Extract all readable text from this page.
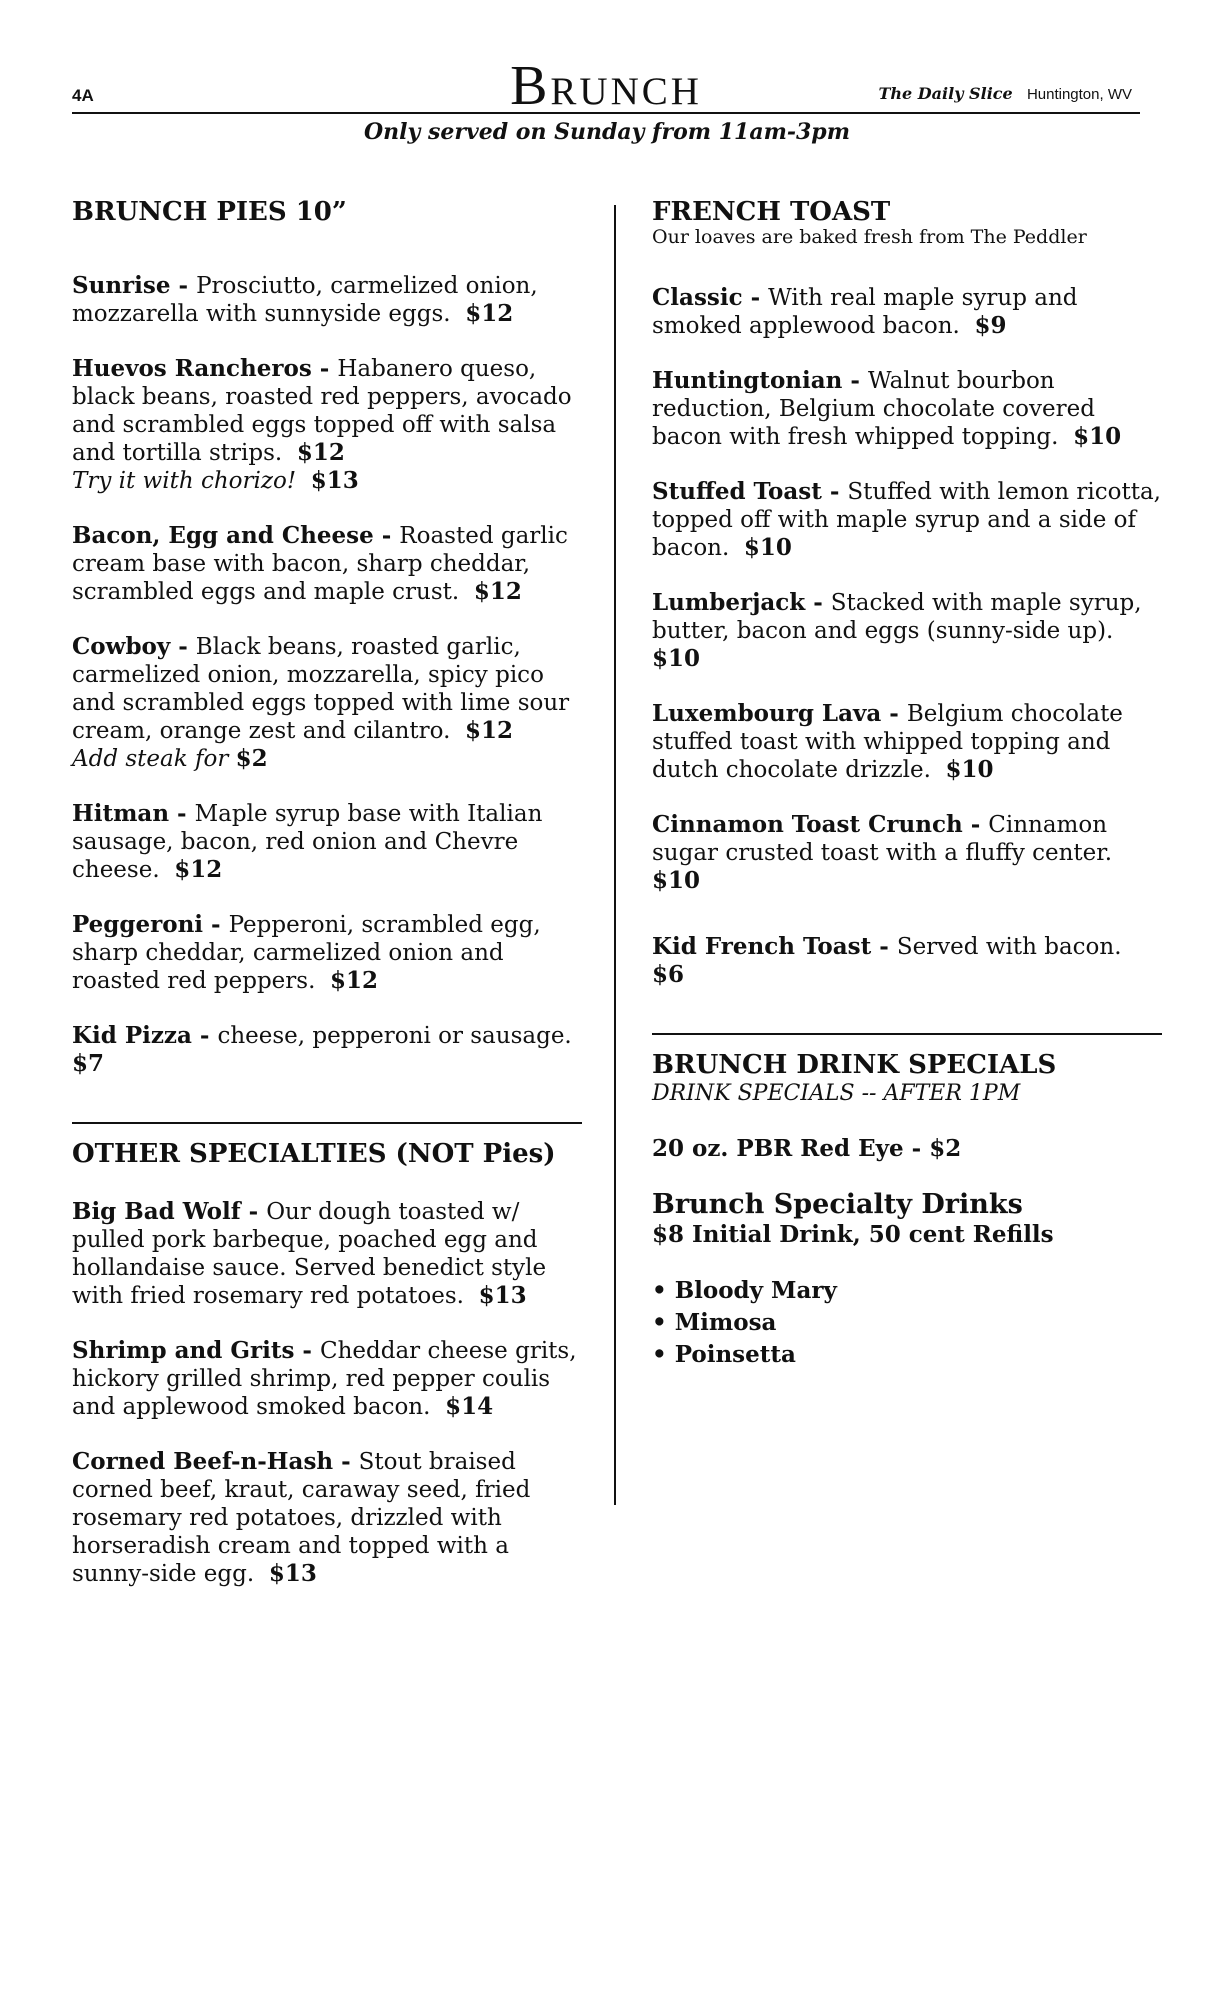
4A	Brunch	The Daily Slice Huntington, WV
Only served on Sunday from 11am-3pm
BRUNCH PIES 10”
Sunrise - Prosciutto, carmelized onion, mozzarella with sunnyside eggs. $12
Huevos Rancheros - Habanero queso, black beans, roasted red peppers, avocado and scrambled eggs topped off with salsa and tortilla strips. $12
Try it with chorizo! $13
Bacon, Egg and Cheese - Roasted garlic cream base with bacon, sharp cheddar, scrambled eggs and maple crust. $12
Cowboy - Black beans, roasted garlic, carmelized onion, mozzarella, spicy pico and scrambled eggs topped with lime sour cream, orange zest and cilantro. $12
Add steak for $2
Hitman - Maple syrup base with Italian sausage, bacon, red onion and Chevre cheese. $12
Peggeroni - Pepperoni, scrambled egg, sharp cheddar, carmelized onion and roasted red peppers. $12
Kid Pizza - cheese, pepperoni or sausage.
$7
OTHER SPECIALTIES (NOT Pies)
Big Bad Wolf - Our dough toasted w/ pulled pork barbeque, poached egg and hollandaise sauce. Served benedict style with fried rosemary red potatoes. $13
Shrimp and Grits - Cheddar cheese grits, hickory grilled shrimp, red pepper coulis and applewood smoked bacon. $14
Corned Beef-n-Hash - Stout braised corned beef, kraut, caraway seed, fried rosemary red potatoes, drizzled with horseradish cream and topped with a sunny-side egg. $13
FRENCH TOAST
Our loaves are baked fresh from The Peddler
Classic - With real maple syrup and smoked applewood bacon. $9
Huntingtonian - Walnut bourbon reduction, Belgium chocolate covered bacon with fresh whipped topping. $10
Stuffed Toast - Stuffed with lemon ricotta, topped off with maple syrup and a side of bacon. $10
Lumberjack - Stacked with maple syrup, butter, bacon and eggs (sunny-side up).
$10
Luxembourg Lava - Belgium chocolate stuffed toast with whipped topping and dutch chocolate drizzle. $10
Cinnamon Toast Crunch - Cinnamon sugar crusted toast with a fluffy center.
$10
Kid French Toast - Served with bacon.  $6
BRUNCH DRINK SPECIALS
DRINK SPECIALS -- AFTER 1PM
20 oz. PBR Red Eye - $2
Brunch Specialty Drinks
$8 Initial Drink, 50 cent Refills
• Bloody Mary
• Mimosa
• Poinsetta
